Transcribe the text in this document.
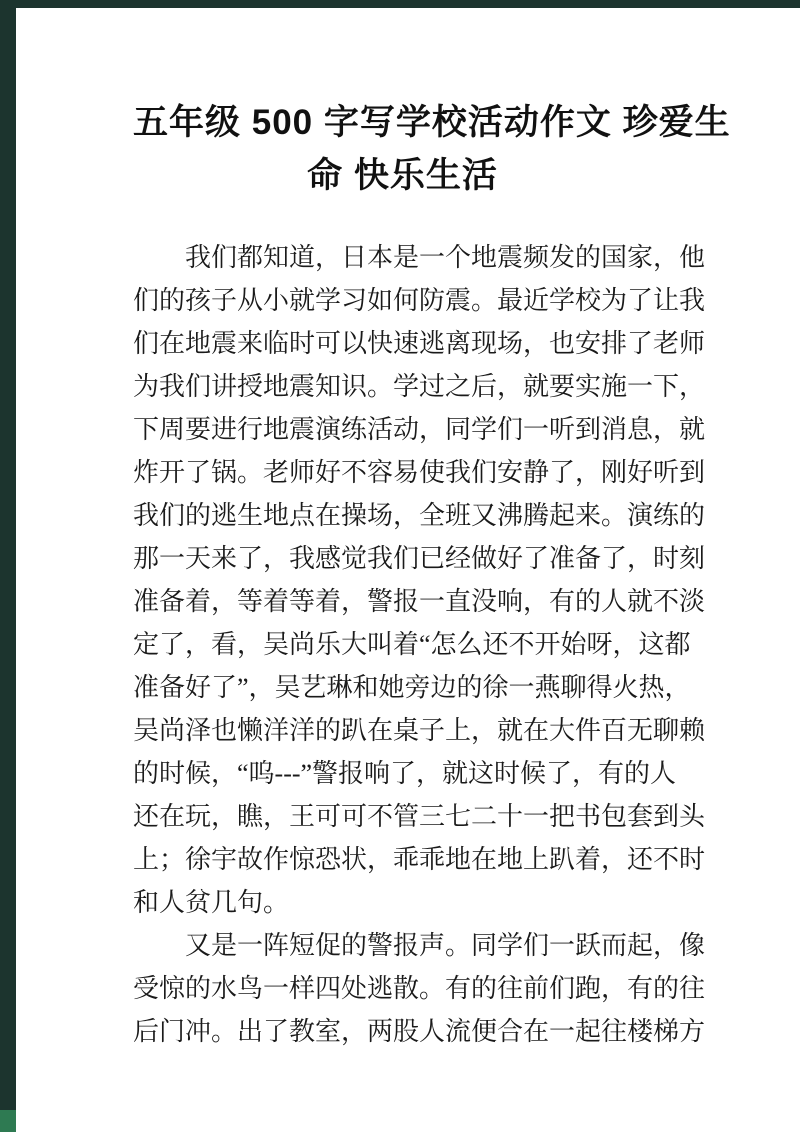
五年级 500 字写学校活动作文 珍爱生
命 快乐生活
我们都知道，日本是一个地震频发的国家，他
们的孩子从小就学习如何防震。最近学校为了让我
们在地震来临时可以快速逃离现场，也安排了老师
为我们讲授地震知识。学过之后，就要实施一下，
下周要进行地震演练活动，同学们一听到消息，就
炸开了锅。老师好不容易使我们安静了，刚好听到
我们的逃生地点在操场，全班又沸腾起来。演练的
那一天来了，我感觉我们已经做好了准备了，时刻
准备着，等着等着，警报一直没响，有的人就不淡
定了，看，吴尚乐大叫着“怎么还不开始呀，这都
准备好了”，吴艺琳和她旁边的徐一燕聊得火热，
吴尚泽也懒洋洋的趴在桌子上，就在大件百无聊赖
的时候，“呜---”警报响了，就这时候了，有的人
还在玩，瞧，王可可不管三七二十一把书包套到头
上；徐宇故作惊恐状，乖乖地在地上趴着，还不时
和人贫几句。
又是一阵短促的警报声。同学们一跃而起，像
受惊的水鸟一样四处逃散。有的往前们跑，有的往
后门冲。出了教室，两股人流便合在一起往楼梯方
